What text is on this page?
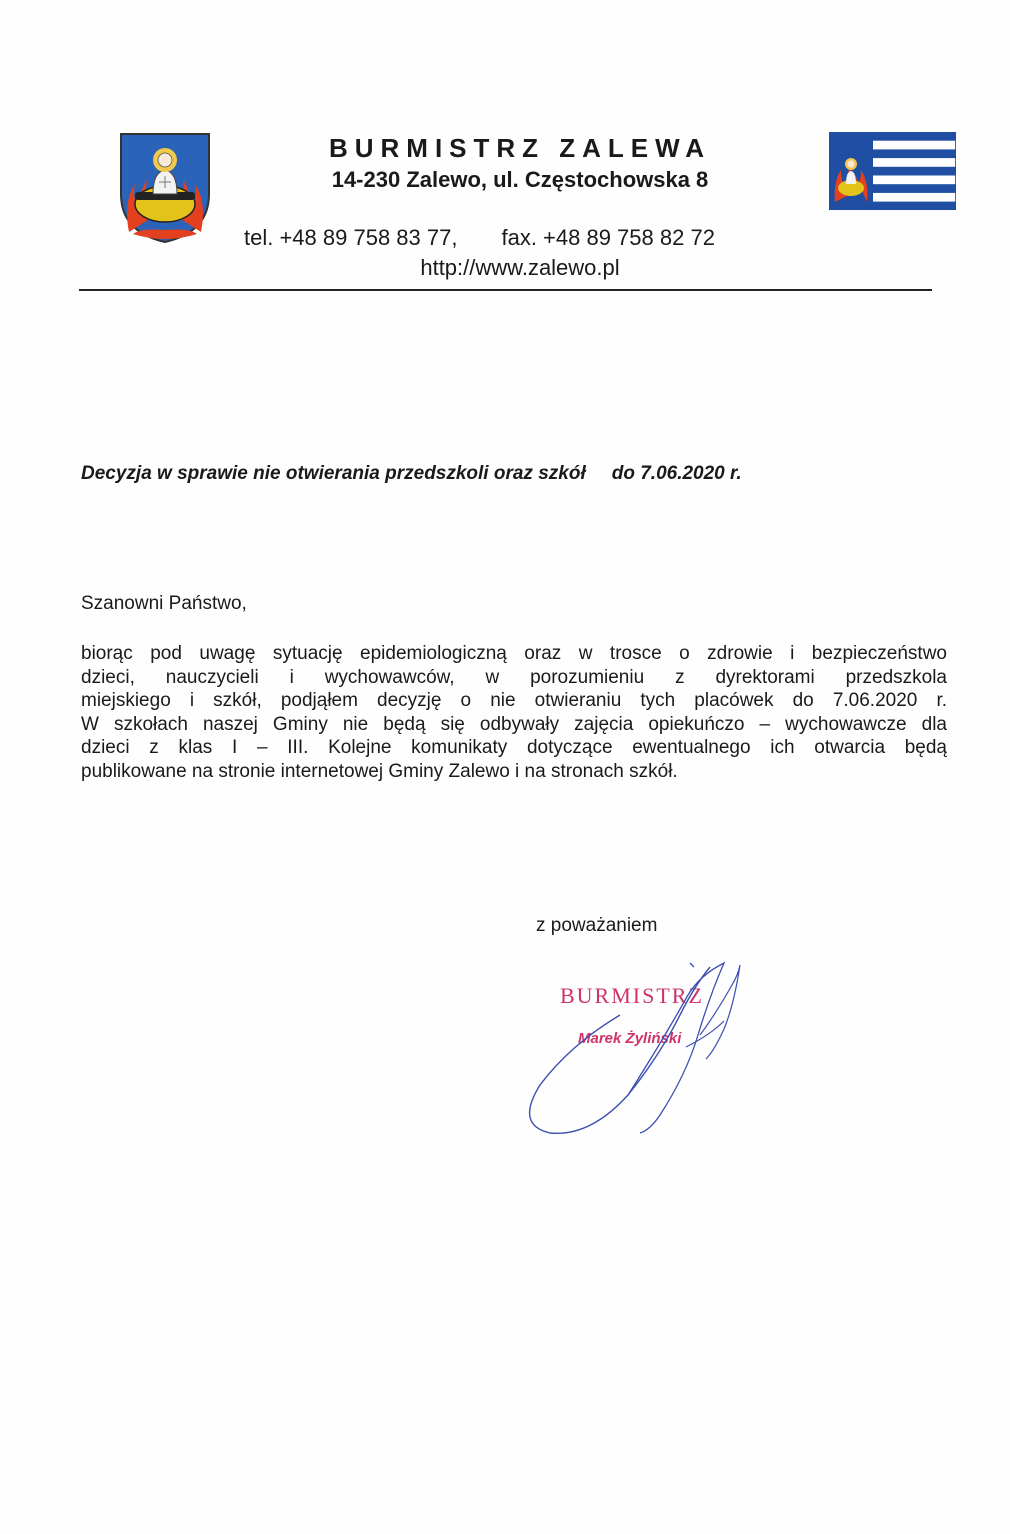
BURMISTRZ ZALEWA
14-230 Zalewo, ul. Częstochowska 8
tel. +48 89 758 83 77, fax. +48 89 758 82 72
http://www.zalewo.pl
Decyzja w sprawie nie otwierania przedszkoli oraz szkół do 7.06.2020 r.
Szanowni Państwo,
biorąc pod uwagę sytuację epidemiologiczną oraz w trosce o zdrowie i bezpieczeństwo
dzieci, nauczycieli i wychowawców, w porozumieniu z dyrektorami przedszkola
miejskiego i szkół, podjąłem decyzję o nie otwieraniu tych placówek do 7.06.2020 r.
W szkołach naszej Gminy nie będą się odbywały zajęcia opiekuńczo – wychowawcze dla
dzieci z klas I – III. Kolejne komunikaty dotyczące ewentualnego ich otwarcia będą
publikowane na stronie internetowej Gminy Zalewo i na stronach szkół.
z poważaniem
BURMISTRZ
Marek Żyliński
